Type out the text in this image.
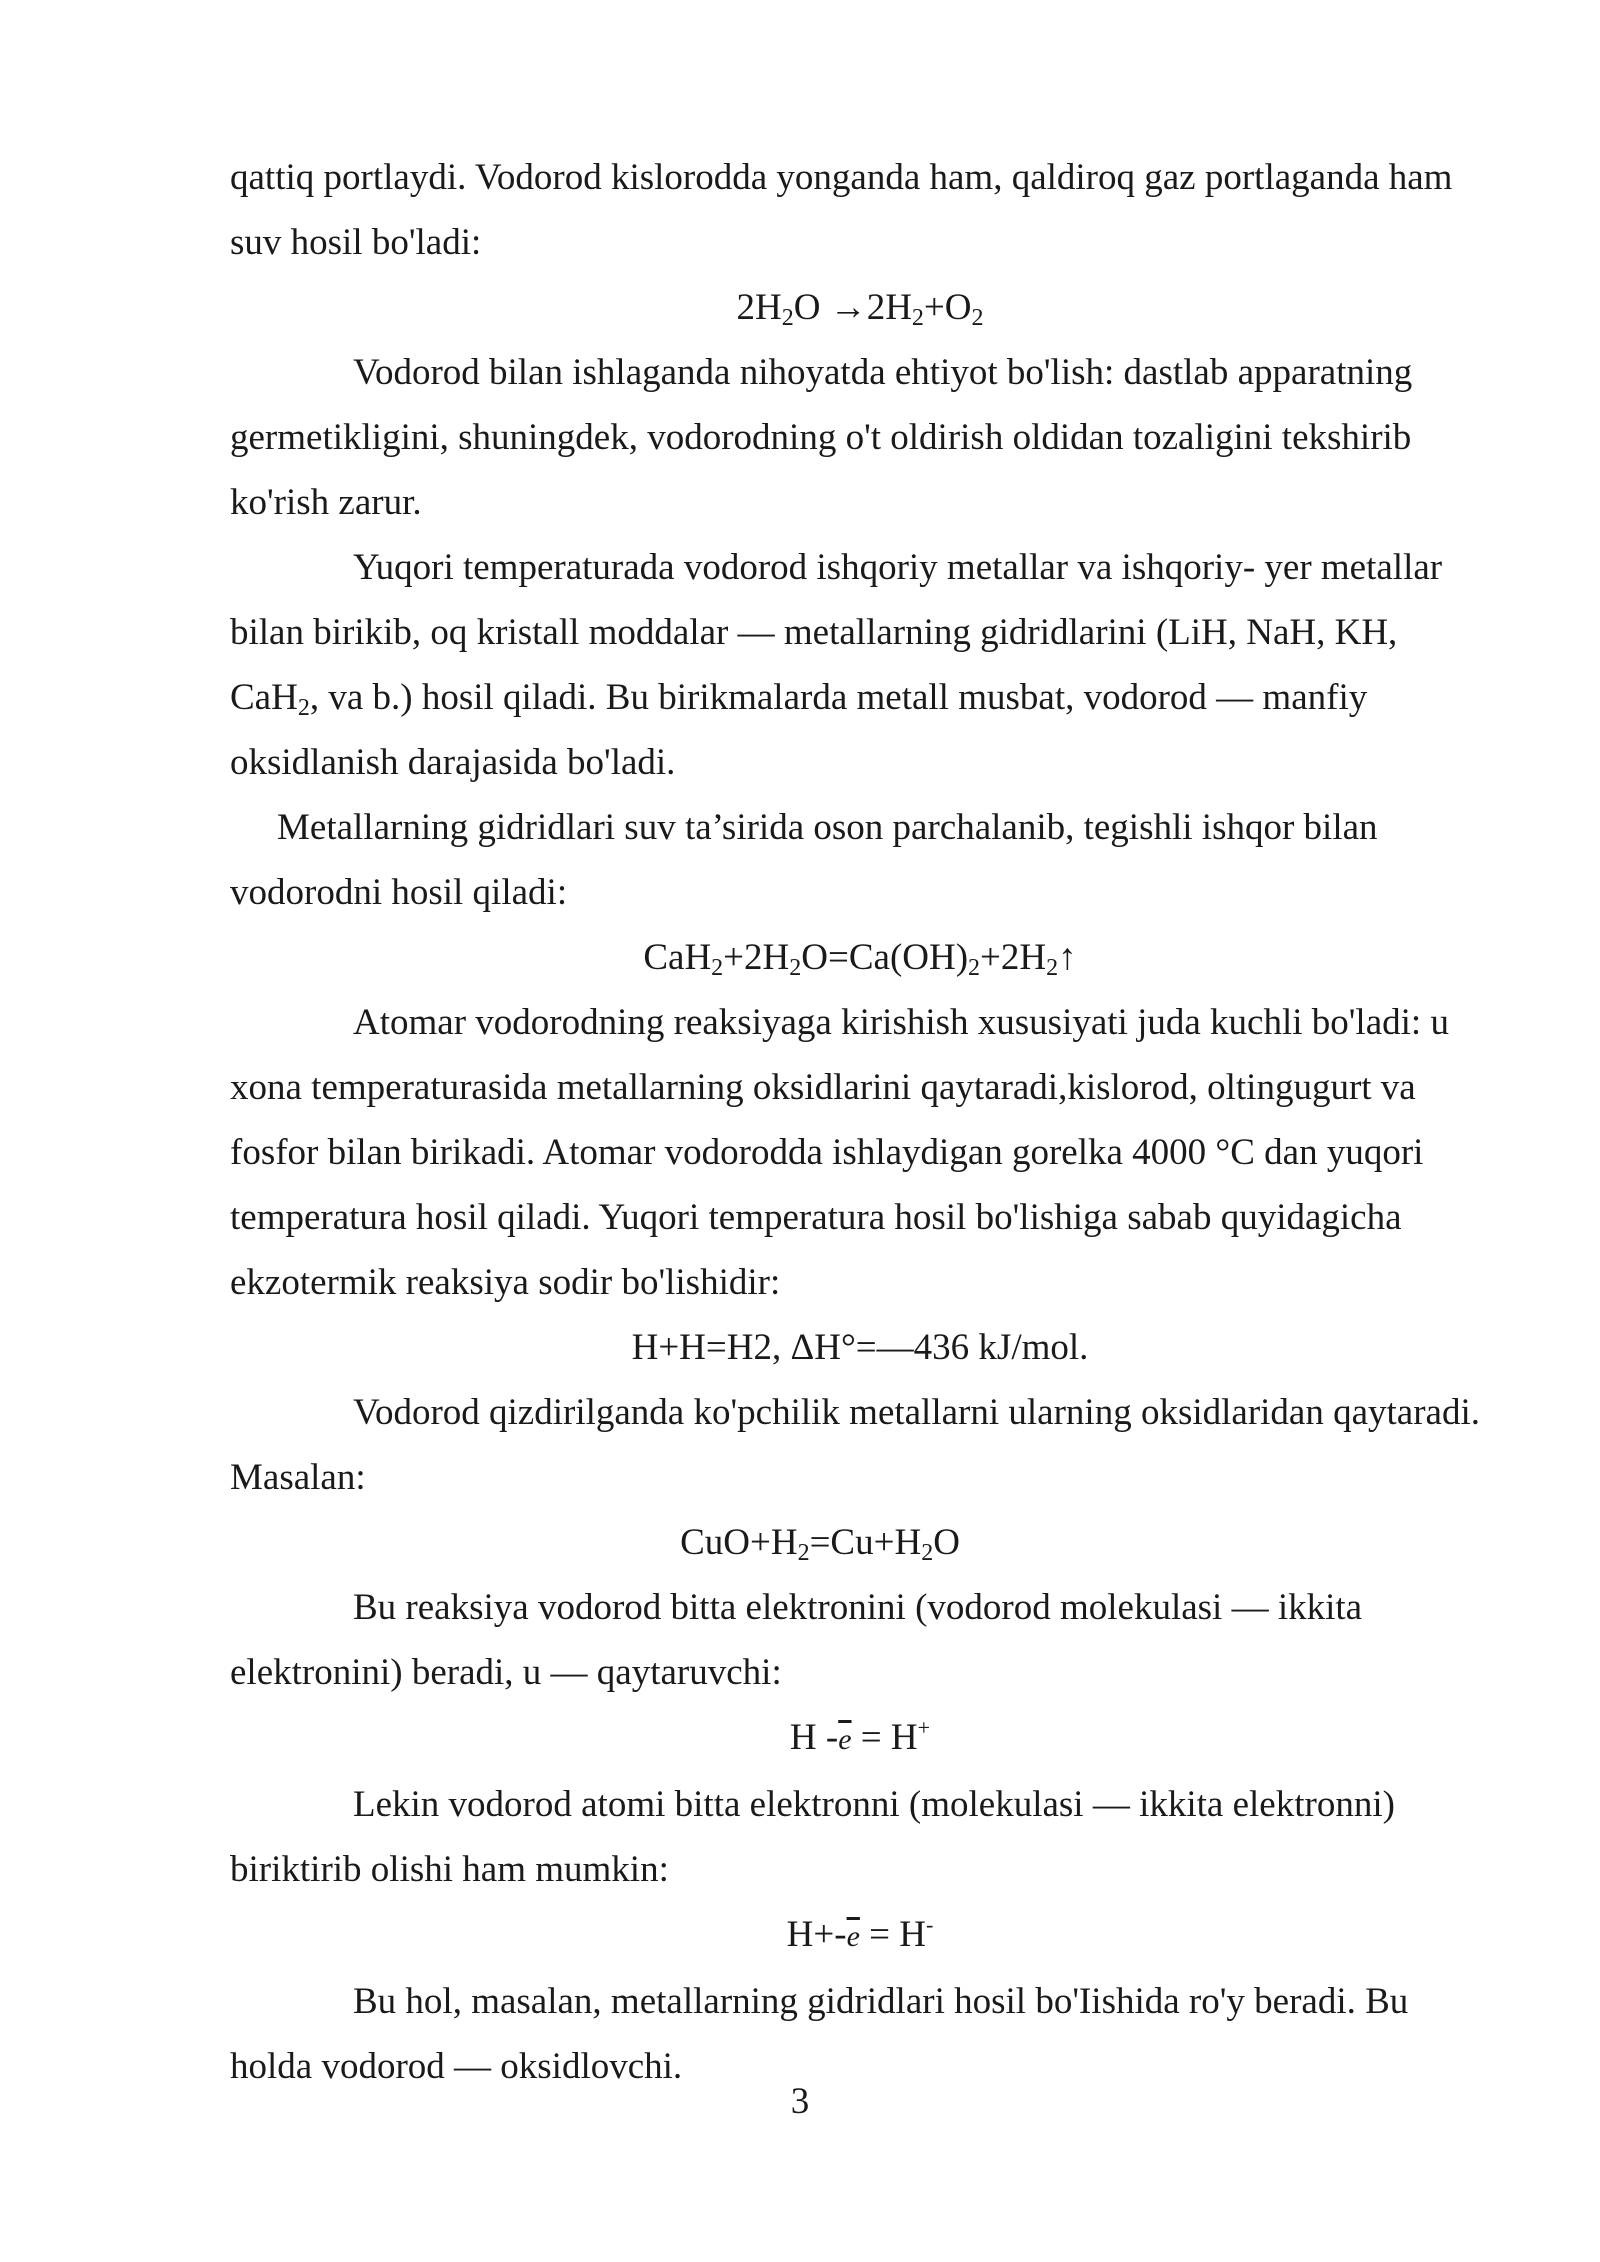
qattiq portlaydi. Vodorod kislorodda yonganda ham, qaldiroq gaz portlaganda ham suv hosil bo'ladi:

$2H_2O \to 2H_2+O_2$

Vodorod bilan ishlaganda nihoyatda ehtiyot bo'lish: dastlab apparatning germetikligini, shuningdek, vodorodning o't oldirish oldidan tozaligini tekshirib ko'rish zarur.

Yuqori temperaturada vodorod ishqoriy metallar va ishqoriy- yer metallar bilan birikib, oq kristall moddalar — metallarning gidridlarini (LiH, NaH, KH, CaH$_2$, va b.) hosil qiladi. Bu birikmalarda metall musbat, vodorod — manfiy oksidlanish darajasida bo'ladi.

Metallarning gidridlari suv ta’sirida oson parchalanib, tegishli ishqor bilan vodorodni hosil qiladi:

$CaH_2+2H_2O=Ca(OH)_2+2H_2↑$

Atomar vodorodning reaksiyaga kirishish xususiyati juda kuchli bo'ladi: u xona temperaturasida metallarning oksidlarini qaytaradi,kislorod, oltingugurt va fosfor bilan birikadi. Atomar vodorodda ishlaydigan gorelka 4000 °C dan yuqori temperatura hosil qiladi. Yuqori temperatura hosil bo'lishiga sabab quyidagicha ekzotermik reaksiya sodir bo'lishidir:

H+H=H2, ΔH°=—436 kJ/mol.

Vodorod qizdirilganda ko'pchilik metallarni ularning oksidlaridan qaytaradi. Masalan:

$CuO+H_2=Cu+H_2O$

Bu reaksiya vodorod bitta elektronini (vodorod molekulasi — ikkita elektronini) beradi, u — qaytaruvchi:

H $-\overline{e} = H^+$

Lekin vodorod atomi bitta elektronni (molekulasi — ikkita elektronni) biriktirib olishi ham mumkin:

$H+-\overline{e} = H^-$

Bu hol, masalan, metallarning gidridlari hosil bo'Iishida ro'y beradi. Bu holda vodorod — oksidlovchi.

3
